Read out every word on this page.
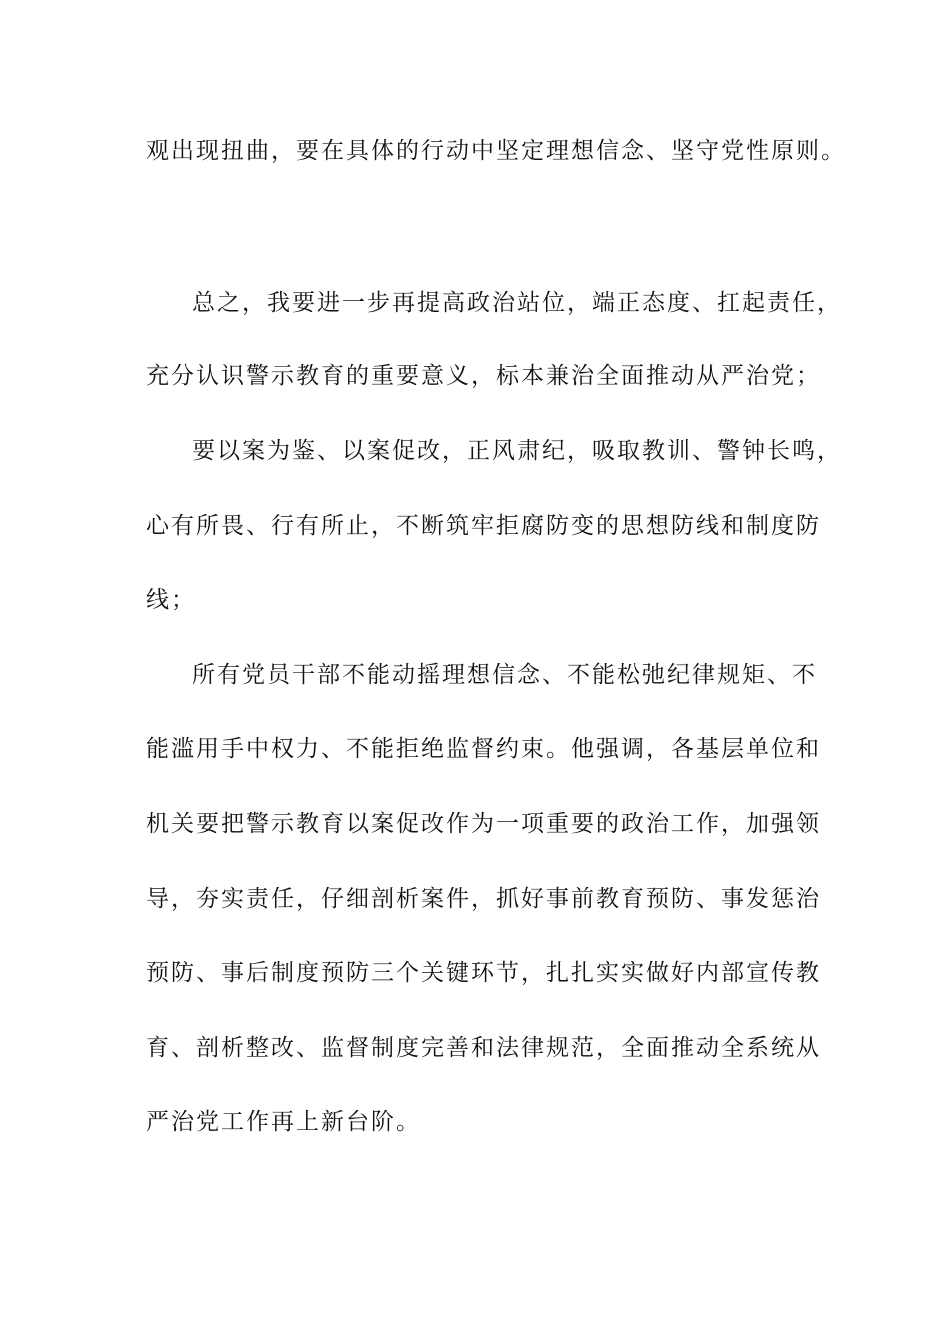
观出现扭曲，要在具体的行动中坚定理想信念、坚守党性原则。

总之，我要进一步再提高政治站位，端正态度、扛起责任，

充分认识警示教育的重要意义，标本兼治全面推动从严治党；

要以案为鉴、以案促改，正风肃纪，吸取教训、警钟长鸣，

心有所畏、行有所止，不断筑牢拒腐防变的思想防线和制度防

线；

所有党员干部不能动摇理想信念、不能松弛纪律规矩、不

能滥用手中权力、不能拒绝监督约束。他强调，各基层单位和

机关要把警示教育以案促改作为一项重要的政治工作，加强领

导，夯实责任，仔细剖析案件，抓好事前教育预防、事发惩治

预防、事后制度预防三个关键环节，扎扎实实做好内部宣传教

育、剖析整改、监督制度完善和法律规范，全面推动全系统从

严治党工作再上新台阶。
